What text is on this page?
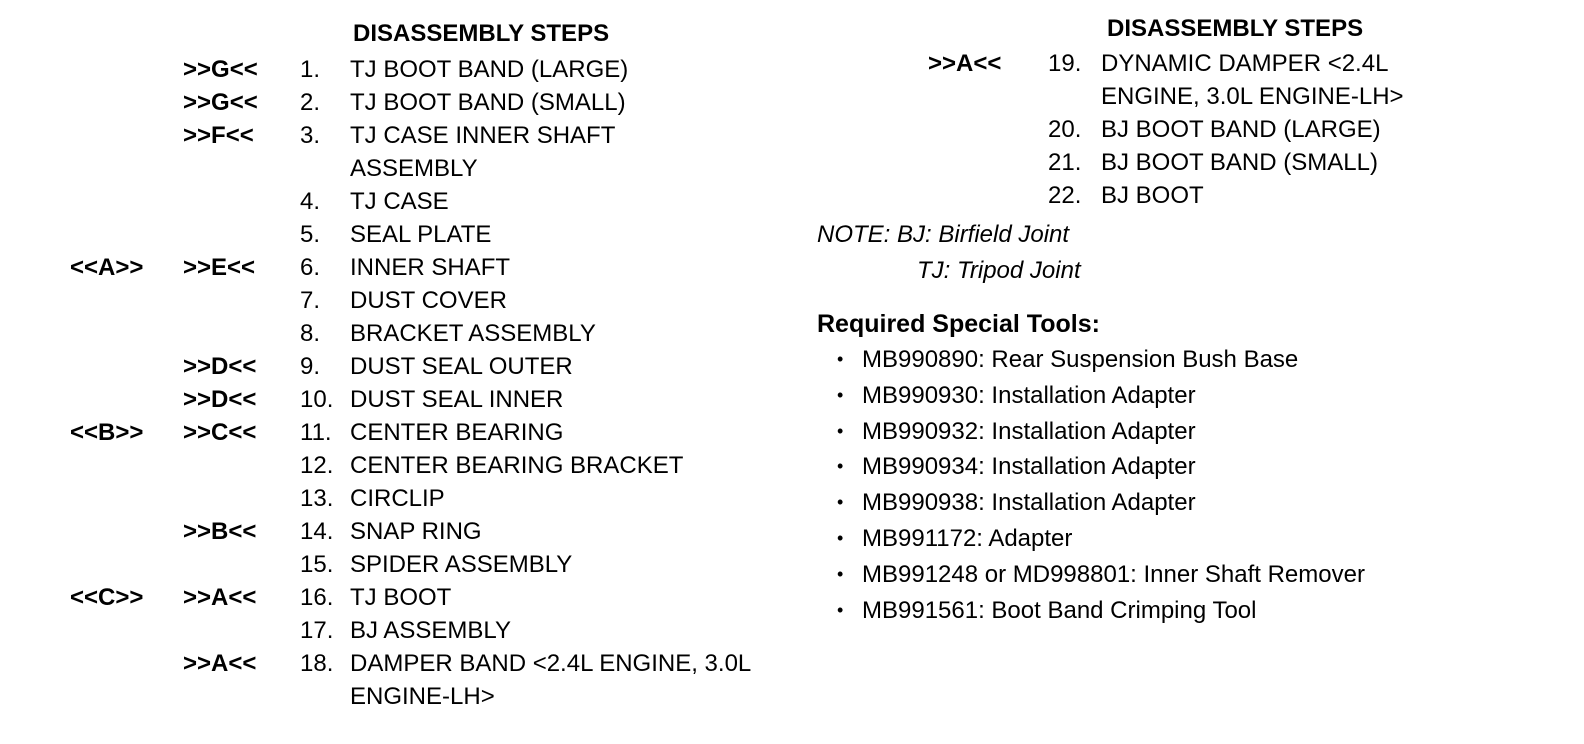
DISASSEMBLY STEPS
>>G<<	1.	TJ BOOT BAND (LARGE)
>>G<<	2.	TJ BOOT BAND (SMALL)
>>F<<	3.	TJ CASE INNER SHAFT ASSEMBLY
4.	TJ CASE
5.	SEAL PLATE
<<A>>	>>E<<	6.	INNER SHAFT
7.	DUST COVER
8.	BRACKET ASSEMBLY
>>D<<	9.	DUST SEAL OUTER
>>D<<	10. DUST SEAL INNER
<<B>>	>>C<<	11. CENTER BEARING
12. CENTER BEARING BRACKET
13. CIRCLIP
>>B<<	14. SNAP RING
15. SPIDER ASSEMBLY
<<C>>	>>A<<	16. TJ BOOT
17. BJ ASSEMBLY
>>A<<	18. DAMPER BAND <2.4L ENGINE, 3.0L ENGINE-LH>
DISASSEMBLY STEPS
>>A<<	19. DYNAMIC DAMPER <2.4L ENGINE, 3.0L ENGINE-LH>
20. BJ BOOT BAND (LARGE)
21. BJ BOOT BAND (SMALL)
22. BJ BOOT
NOTE: BJ: Birfield Joint
TJ: Tripod Joint
Required Special Tools:
• MB990890: Rear Suspension Bush Base
• MB990930: Installation Adapter
• MB990932: Installation Adapter
• MB990934: Installation Adapter
• MB990938: Installation Adapter
• MB991172: Adapter
• MB991248 or MD998801: Inner Shaft Remover
• MB991561: Boot Band Crimping Tool
